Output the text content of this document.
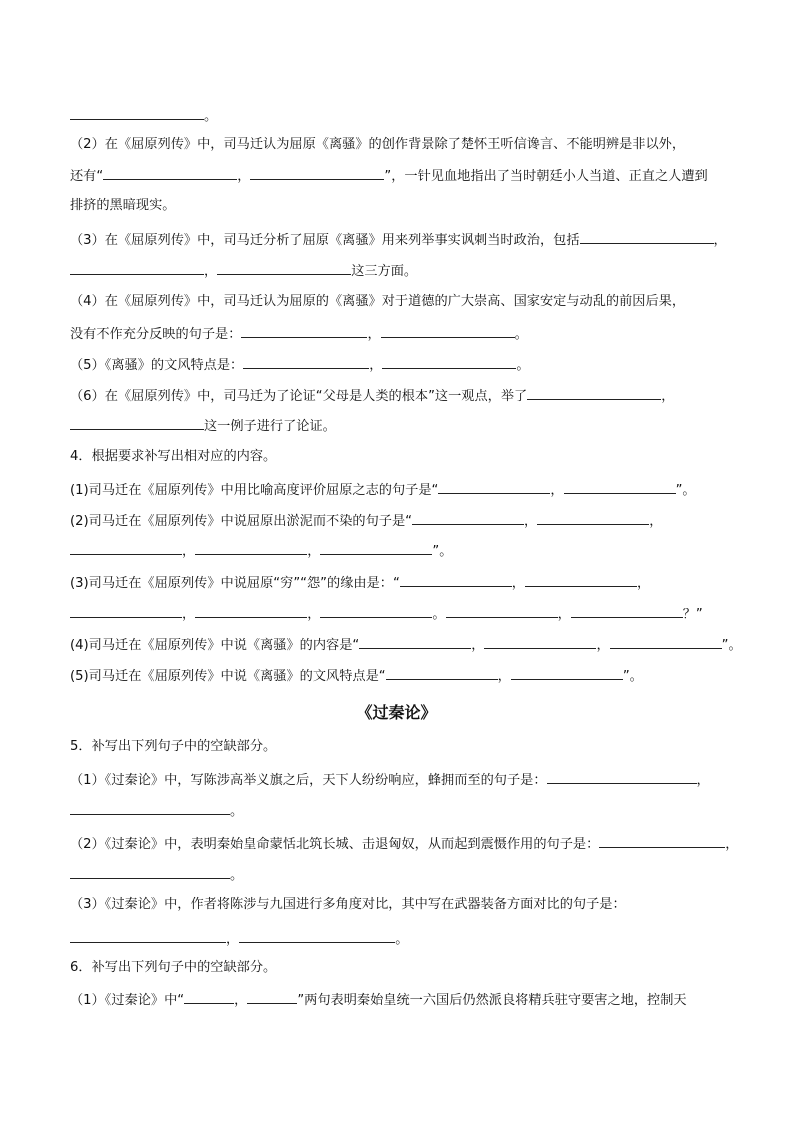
。
（2）在《屈原列传》中，司马迁认为屈原《离骚》的创作背景除了楚怀王听信谗言、不能明辨是非以外，
还有“	，	”，一针见血地指出了当时朝廷小人当道、正直之人遭到
排挤的黑暗现实。
（3）在《屈原列传》中，司马迁分析了屈原《离骚》用来列举事实讽刺当时政治，包括	，
，	这三方面。
（4）在《屈原列传》中，司马迁认为屈原的《离骚》对于道德的广大崇高、国家安定与动乱的前因后果，
没有不作充分反映的句子是：	，	。
（5）《离骚》的文风特点是：	，	。
（6）在《屈原列传》中，司马迁为了论证“父母是人类的根本”这一观点，举了	，
这一例子进行了论证。
4．根据要求补写出相对应的内容。
(1)司马迁在《屈原列传》中用比喻高度评价屈原之志的句子是“	，	”。
(2)司马迁在《屈原列传》中说屈原出淤泥而不染的句子是“	，	，
，	，	”。
(3)司马迁在《屈原列传》中说屈原“穷”“怨”的缘由是：“	，	，
，	，	。	，	？”
(4)司马迁在《屈原列传》中说《离骚》的内容是“	，	，	”。
(5)司马迁在《屈原列传》中说《离骚》的文风特点是“	，	”。
5．补写出下列句子中的空缺部分。
（1）《过秦论》中，写陈涉高举义旗之后，天下人纷纷响应，蜂拥而至的句子是：	，
。
（2）《过秦论》中，表明秦始皇命蒙恬北筑长城、击退匈奴，从而起到震慑作用的句子是：	，
。
（3）《过秦论》中，作者将陈涉与九国进行多角度对比，其中写在武器装备方面对比的句子是：
，	。
6．补写出下列句子中的空缺部分。
（1）《过秦论》中“	，	”两句表明秦始皇统一六国后仍然派良将精兵驻守要害之地，控制天
《过秦论》
